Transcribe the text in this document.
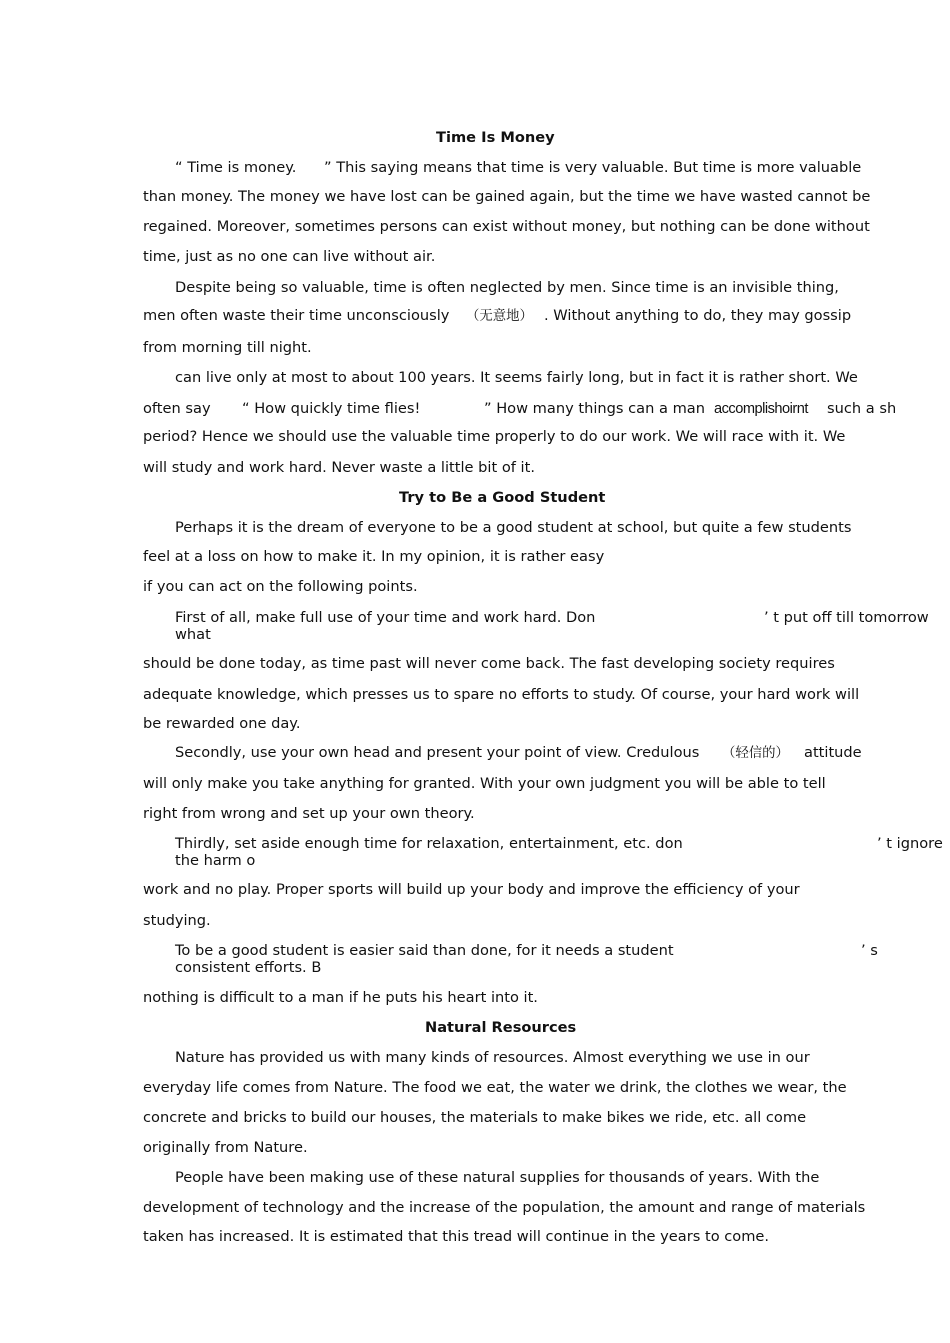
Time Is Money
“ Time is money. ” This saying means that time is very valuable. But time is more valuable
than money. The money we have lost can be gained again, but the time we have wasted cannot be
regained. Moreover, sometimes persons can exist without money, but nothing can be done without
time, just as no one can live without air.
Despite being so valuable, time is often neglected by men. Since time is an invisible thing,
men often waste their time unconsciously （无意地） . Without anything to do, they may gossip
from morning till night.
can live only at most to about 100 years. It seems fairly long, but in fact it is rather short. We
often say “ How quickly time flies!	” How many things can a man accomplishoirnt such a sh
period? Hence we should use the valuable time properly to do our work. We will race with it. We
will study and work hard. Never waste a little bit of it.
Try to Be a Good Student
Perhaps it is the dream of everyone to be a good student at school, but quite a few students
feel at a loss on how to make it. In my opinion, it is rather easy
if you can act on the following points.
First of all, make full use of your time and work hard. Don	’ t put off till tomorrow
what
should be done today, as time past will never come back. The fast developing society requires
adequate knowledge, which presses us to spare no efforts to study. Of course, your hard work will
be rewarded one day.
Secondly, use your own head and present your point of view. Credulous （轻信的） attitude
will only make you take anything for granted. With your own judgment you will be able to tell
right from wrong and set up your own theory.
Thirdly, set aside enough time for relaxation, entertainment, etc. don	’ t ignore
the harm o
work and no play. Proper sports will build up your body and improve the efficiency of your
studying.
To be a good student is easier said than done, for it needs a student	’ s
consistent efforts. B
nothing is difficult to a man if he puts his heart into it.
Natural Resources
Nature has provided us with many kinds of resources. Almost everything we use in our
everyday life comes from Nature. The food we eat, the water we drink, the clothes we wear, the
concrete and bricks to build our houses, the materials to make bikes we ride, etc. all come
originally from Nature.
People have been making use of these natural supplies for thousands of years. With the
development of technology and the increase of the population, the amount and range of materials
taken has increased. It is estimated that this tread will continue in the years to come.
